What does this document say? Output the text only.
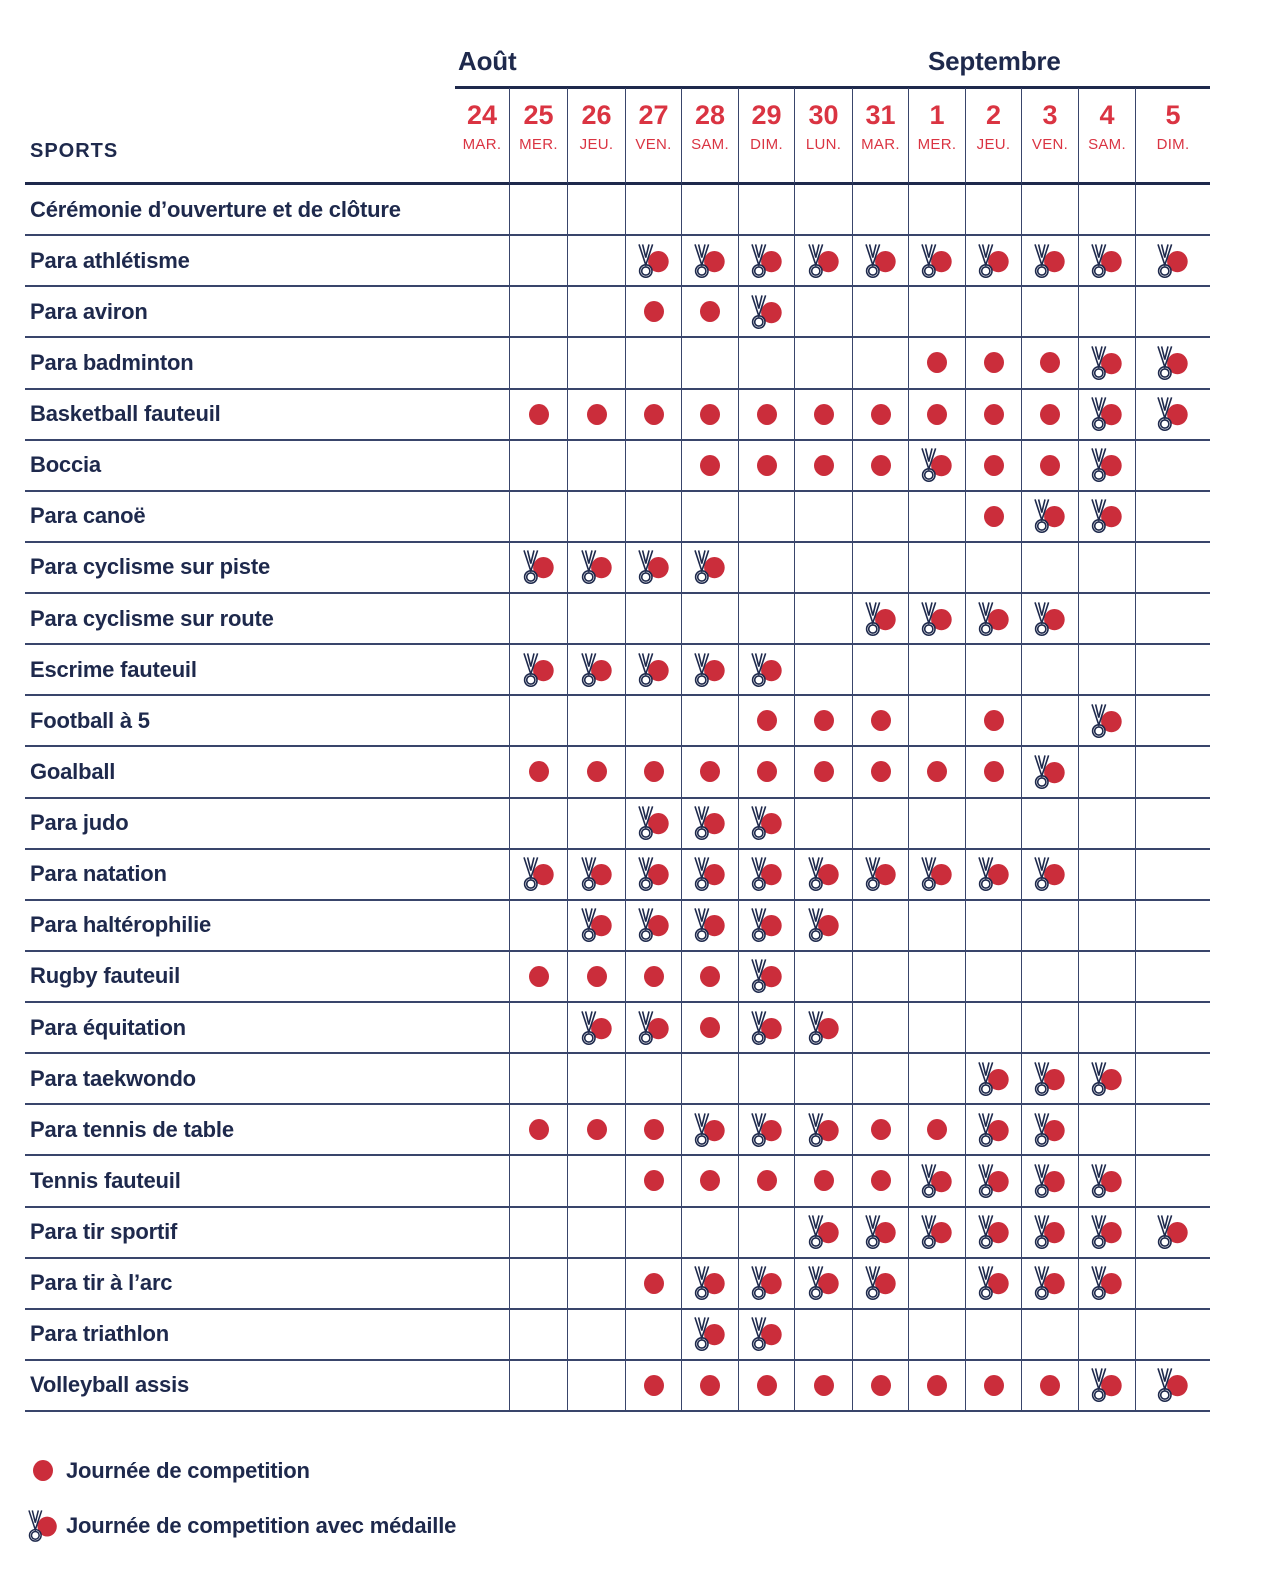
Août	Septembre
SPORTS
24
MAR.
25
MER.
26
JEU.
27
VEN.
28
SAM.
29
DIM.
30
LUN.
31
MAR.
1
MER.
2
JEU.
3
VEN.
4
SAM.
5
DIM.
Cérémonie d’ouverture et de clôture
Para athlétisme
Para aviron
Para badminton
Basketball fauteuil
Boccia
Para canoë
Para cyclisme sur piste
Para cyclisme sur route
Escrime fauteuil
Football à 5
Goalball
Para judo
Para natation
Para haltérophilie
Rugby fauteuil
Para équitation
Para taekwondo
Para tennis de table
Tennis fauteuil
Para tir sportif
Para tir à l’arc
Para triathlon
Volleyball assis
Journée de competition
Journée de competition avec médaille
